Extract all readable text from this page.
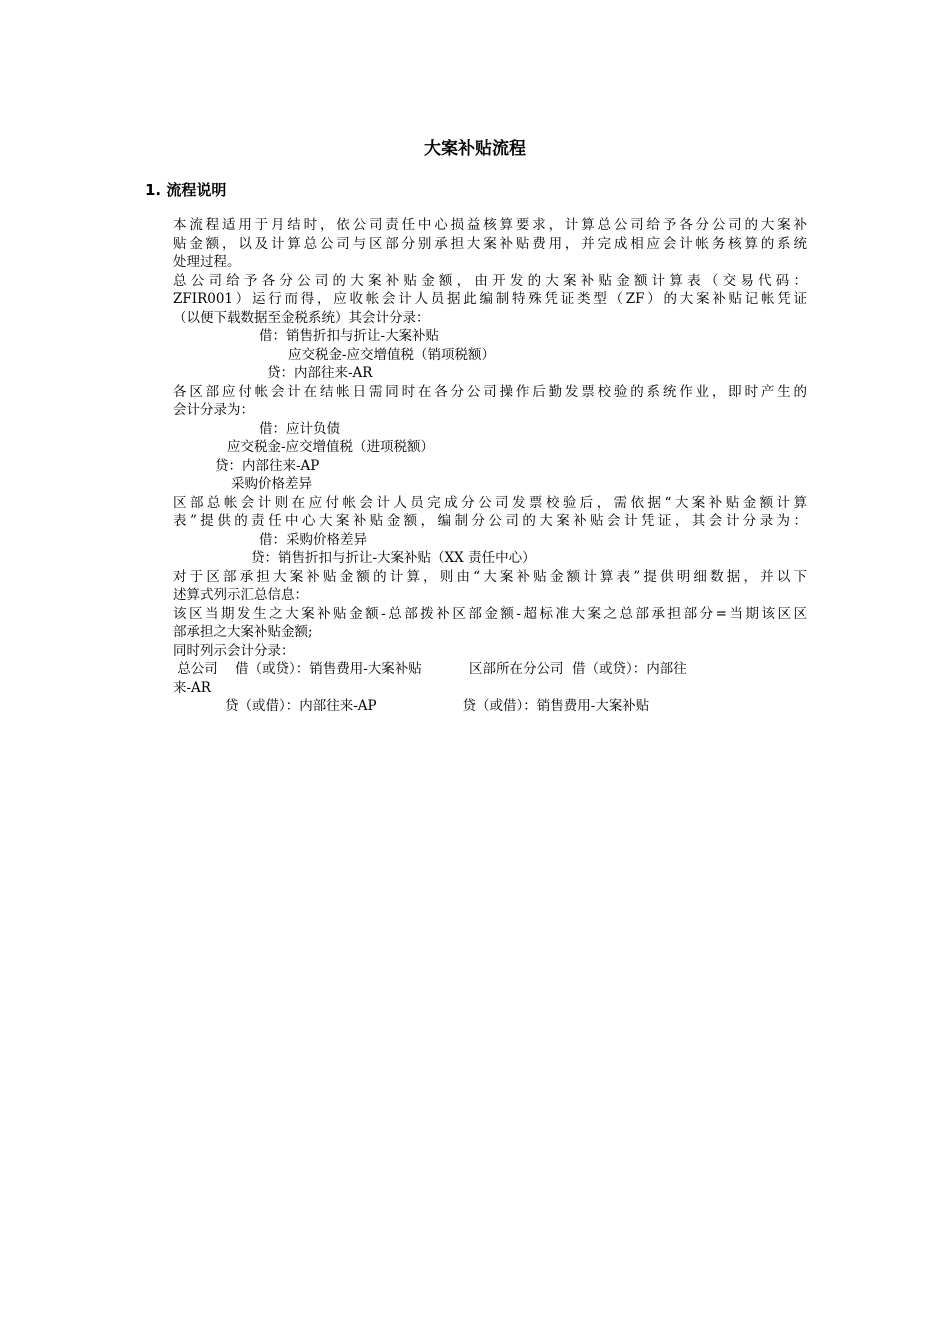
大案补贴流程
1. 流程说明
本流程适用于月结时，依公司责任中心损益核算要求，计算总公司给予各分公司的大案补
贴金额，以及计算总公司与区部分别承担大案补贴费用，并完成相应会计帐务核算的系统
处理过程。
总公司给予各分公司的大案补贴金额，由开发的大案补贴金额计算表（交易代码：
ZFIR001）运行而得，应收帐会计人员据此编制特殊凭证类型（ZF）的大案补贴记帐凭证
（以便下载数据至金税系统）其会计分录：
借：销售折扣与折让-大案补贴
应交税金-应交增值税（销项税额）
贷：内部往来-AR
各区部应付帐会计在结帐日需同时在各分公司操作后勤发票校验的系统作业，即时产生的
会计分录为：
借：应计负债
应交税金-应交增值税（进项税额）
贷：内部往来-AP
采购价格差异
区部总帐会计则在应付帐会计人员完成分公司发票校验后，需依据“大案补贴金额计算
表”提供的责任中心大案补贴金额，编制分公司的大案补贴会计凭证，其会计分录为：
借：采购价格差异
贷：销售折扣与折让-大案补贴（XX 责任中心）
对于区部承担大案补贴金额的计算，则由“大案补贴金额计算表”提供明细数据，并以下
述算式列示汇总信息：
该区当期发生之大案补贴金额-总部拨补区部金额-超标准大案之总部承担部分=当期该区区
部承担之大案补贴金额;
同时列示会计分录：
总公司    借（或贷）：销售费用-大案补贴           区部所在分公司  借（或贷）：内部往
来-AR
贷（或借）：内部往来-AP                    贷（或借）：销售费用-大案补贴
